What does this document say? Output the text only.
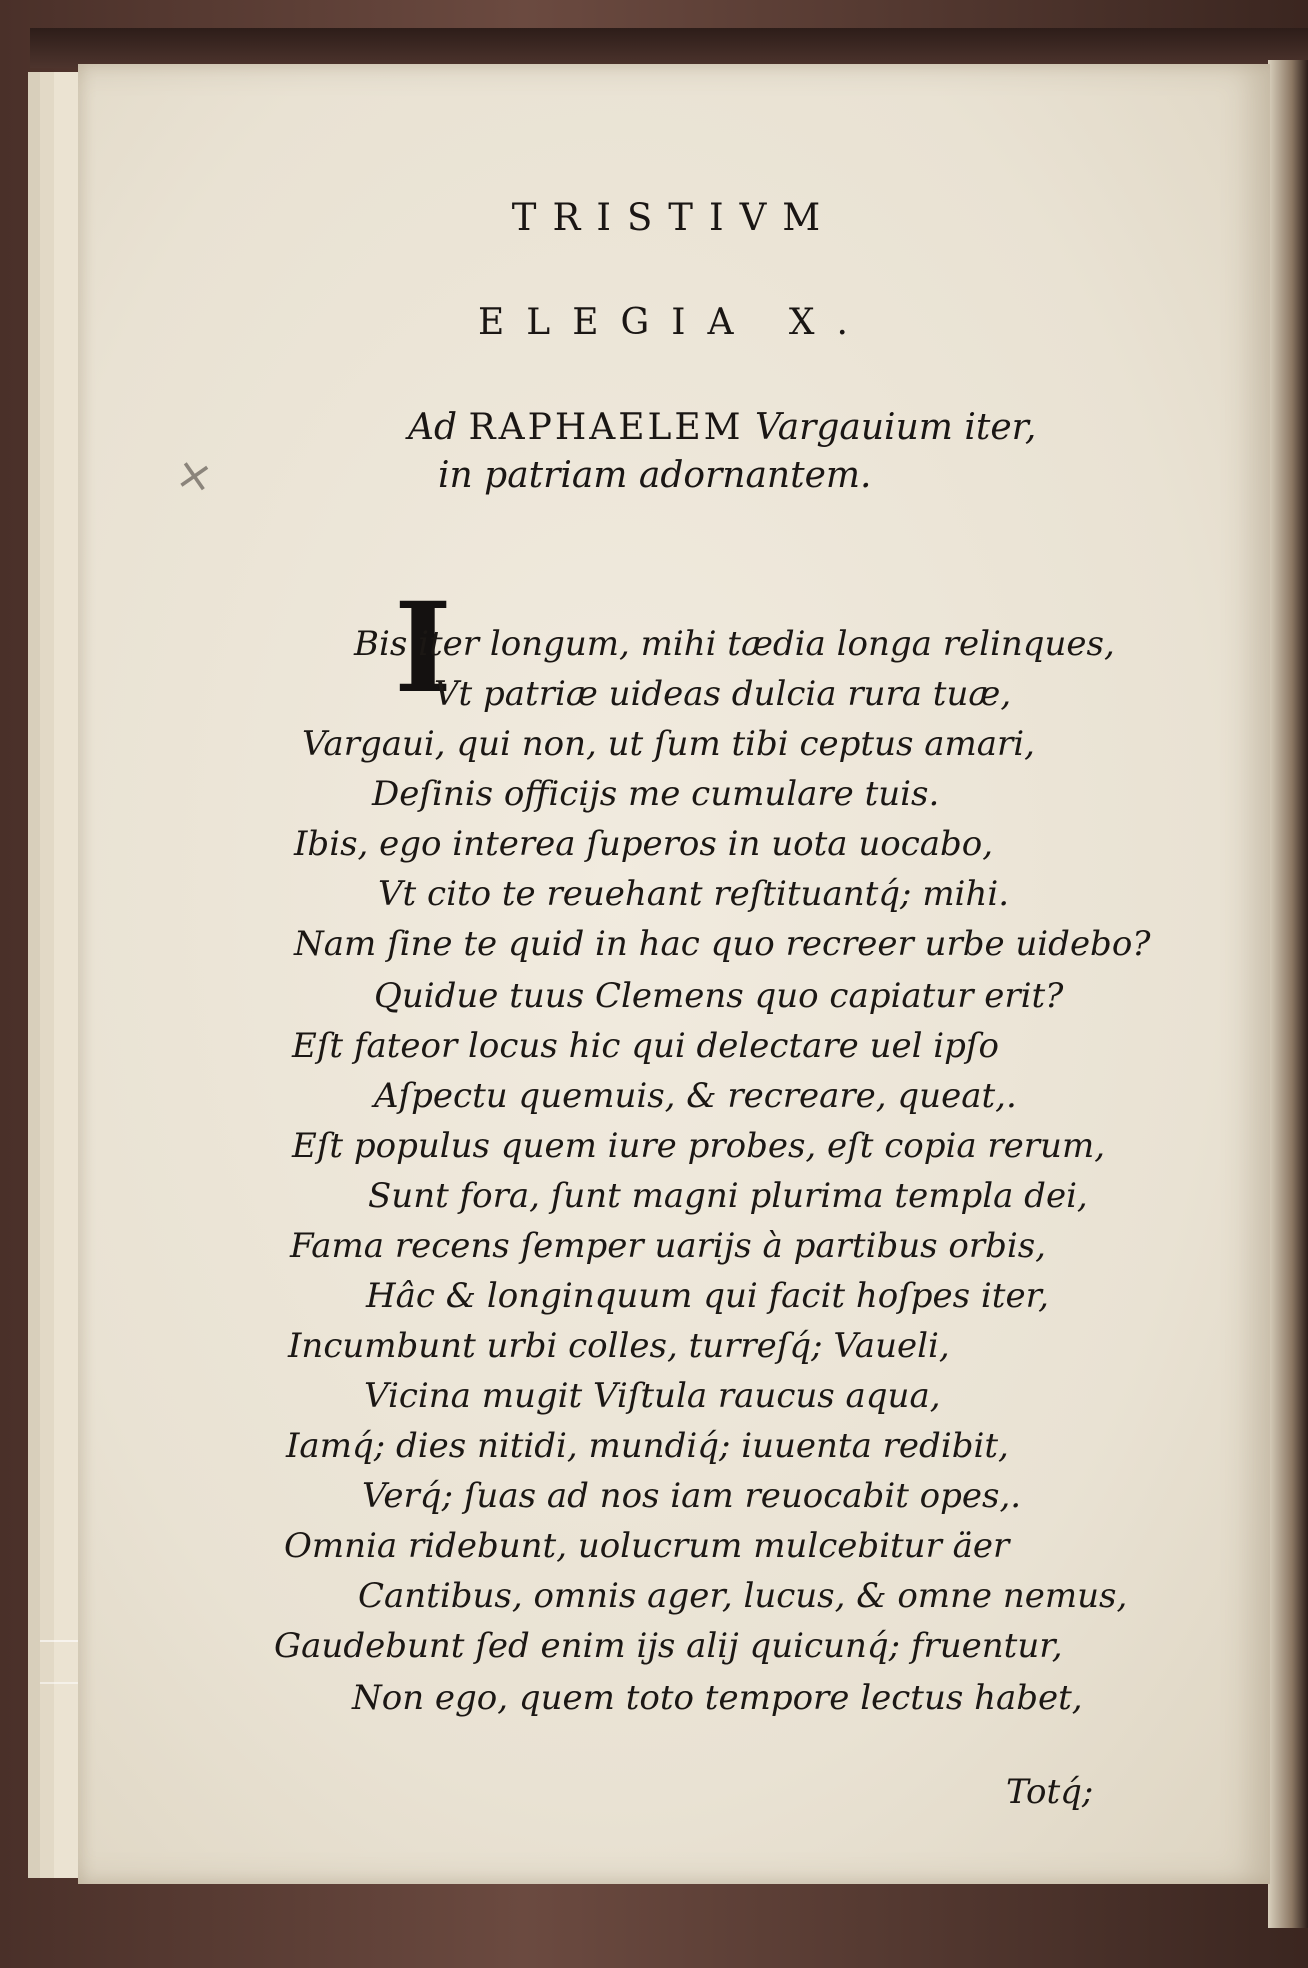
TRISTIVM
ELEGIA X.
Ad RAPHAELEM Vargauium iter,
in patriam adornantem.
×
I
Bis iter longum, mihi tædia longa relinques,
Vt patriæ uideas dulcia rura tuæ,
Vargaui, qui non, ut ſum tibi ceptus amari,
Deſinis officijs me cumulare tuis.
Ibis, ego interea ſuperos in uota uocabo,
Vt cito te reuehant reſtituantq́; mihi.
Nam ſine te quid in hac quo recreer urbe uidebo?
Quidue tuus Clemens quo capiatur erit?
Eſt fateor locus hic qui delectare uel ipſo
Aſpectu quemuis, & recreare, queat,.
Eſt populus quem iure probes, eſt copia rerum,
Sunt fora, ſunt magni plurima templa dei,
Fama recens ſemper uarijs à partibus orbis,
Hâc & longinquum qui facit hoſpes iter,
Incumbunt urbi colles, turreſq́; Vaueli,
Vicina mugit Viſtula raucus aqua,
Iamq́; dies nitidi, mundiq́; iuuenta redibit,
Verq́; ſuas ad nos iam reuocabit opes,.
Omnia ridebunt, uolucrum mulcebitur äer
Cantibus, omnis ager, lucus, & omne nemus,
Gaudebunt ſed enim ijs alij quicunq́; fruentur,
Non ego, quem toto tempore lectus habet,
Totq́;
